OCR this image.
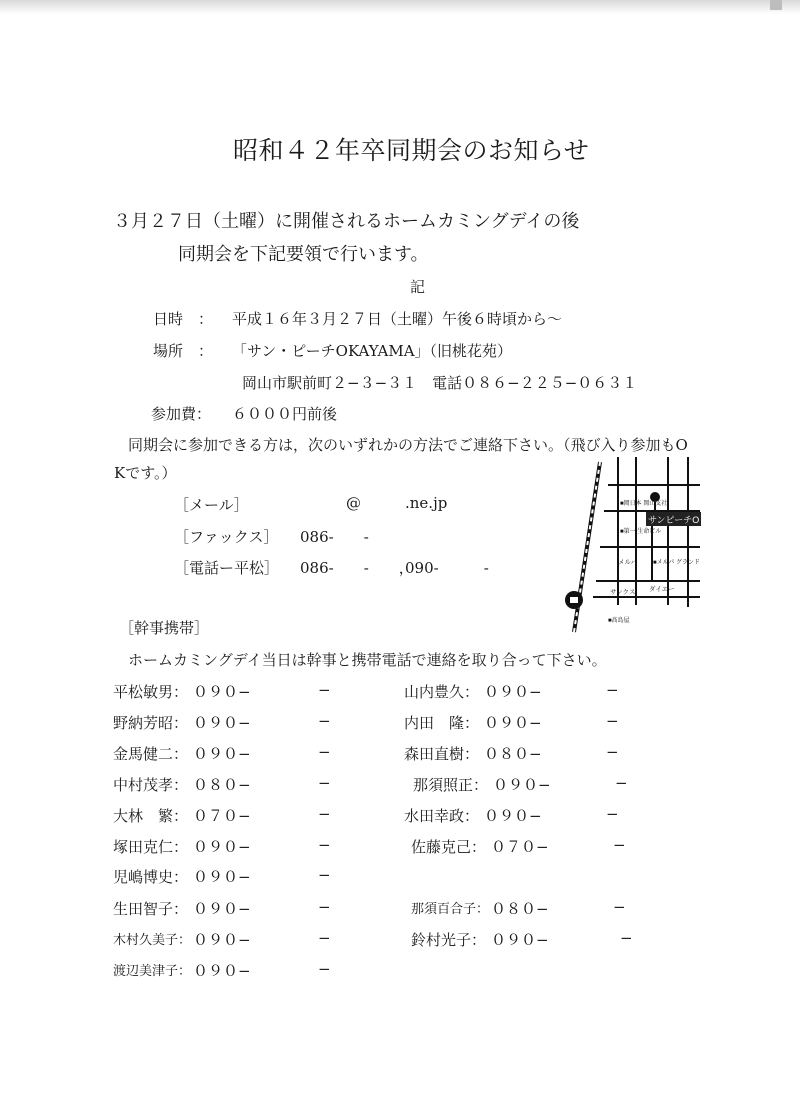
昭和４２年卒同期会のお知らせ
３月２７日（土曜）に開催されるホームカミングデイの後
同期会を下記要領で行います。
記
日時　： 平成１６年３月２７日（土曜）午後６時頃から〜
場所　： 「サン・ピーチOKAYAMA」（旧桃花苑）
岡山市駅前町２−３−３１　電話０８６−２２５−０６３１
参加費： ６０００円前後
同期会に参加できる方は，次のいずれかの方法でご連絡下さい。（飛び入り参加もO
Kです。）
［メール］	@	.ne.jp
［ファックス］ 086-　　-
［電話ー平松］ 086-　　-　　，
090-　　　-
サンピーチO
■岡日本 岡山支社
■第一 生命ビル
メルパ	■メルパ グランド
ダイエー
サンクス
■髙島屋
［幹事携帯］
ホームカミングデイ当日は幹事と携帯電話で連絡を取り合って下さい。
平松敏男： ０９０−	−
野納芳昭： ０９０−	−
金馬健二： ０９０−	−
中村茂孝： ０８０−	−
大林　繁： ０７０−	−
塚田克仁： ０９０−	−
児嶋博史： ０９０−	−
生田智子： ０９０−	−
木村久美子： ０９０−	−
渡辺美津子： ０９０−	−
山内豊久： ０９０−	−
内田　隆： ０９０−	−
森田直樹： ０８０−	−
那須照正： ０９０−	−
水田幸政： ０９０−	−
佐藤克己： ０７０−	−
那須百合子： ０８０−	−
鈴村光子： ０９０−	−
